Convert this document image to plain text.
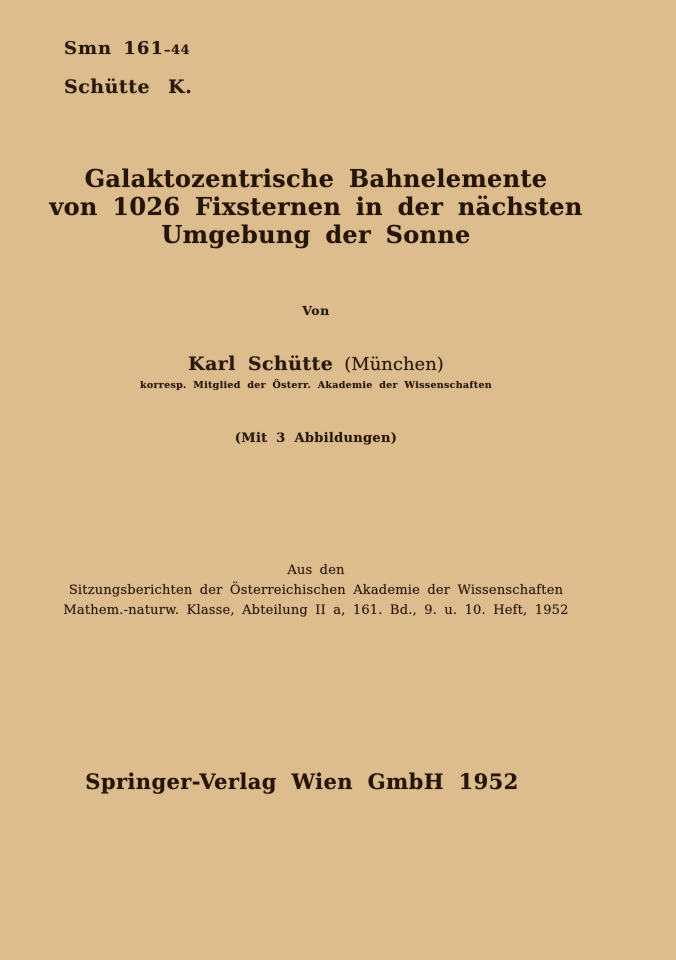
Smn 161–44
Schütte K.
Galaktozentrische Bahnelemente
von 1026 Fixsternen in der nächsten
Umgebung der Sonne
Von
Karl Schütte (München)
korresp. Mitglied der Österr. Akademie der Wissenschaften
(Mit 3 Abbildungen)
Aus den
Sitzungsberichten der Österreichischen Akademie der Wissenschaften
Mathem.-naturw. Klasse, Abteilung II a, 161. Bd., 9. u. 10. Heft, 1952
Springer-Verlag Wien GmbH 1952
